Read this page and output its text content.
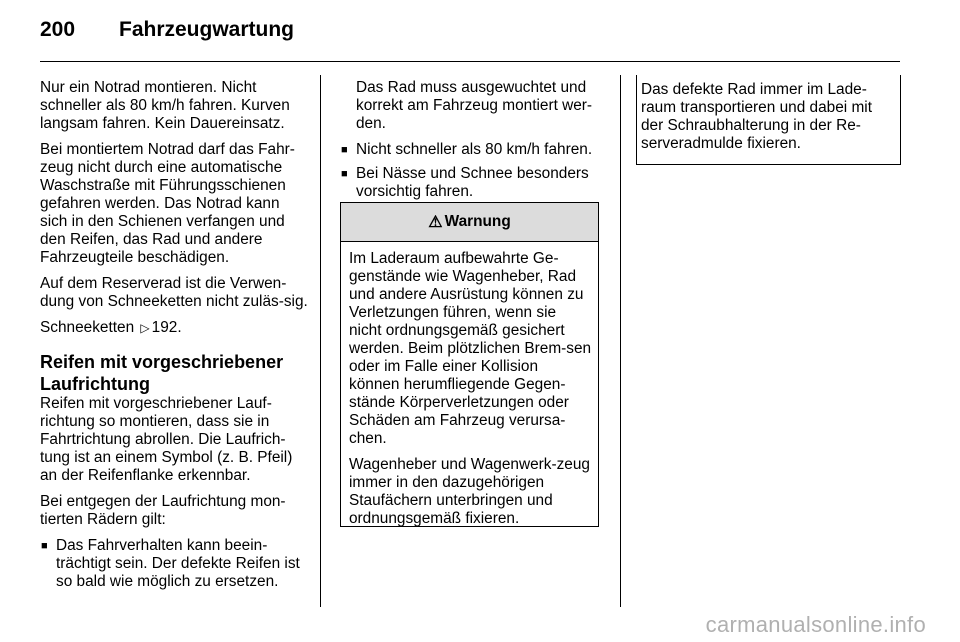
200 Fahrzeugwartung

Nur ein Notrad montieren. Nicht schneller als 80 km/h fahren. Kurven langsam fahren. Kein Dauereinsatz.

Bei montiertem Notrad darf das Fahr-zeug nicht durch eine automatische Waschstraße mit Führungsschienen gefahren werden. Das Notrad kann sich in den Schienen verfangen und den Reifen, das Rad und andere Fahrzeugteile beschädigen.

Auf dem Reserverad ist die Verwen-dung von Schneeketten nicht zuläs-sig.

Schneeketten ▷ 192.

Reifen mit vorgeschriebener Laufrichtung

Reifen mit vorgeschriebener Lauf-richtung so montieren, dass sie in Fahrtrichtung abrollen. Die Laufrich-tung ist an einem Symbol (z. B. Pfeil) an der Reifenflanke erkennbar.

Bei entgegen der Laufrichtung mon-tierten Rädern gilt:

■ Das Fahrverhalten kann beein-trächtigt sein. Der defekte Reifen ist so bald wie möglich zu ersetzen.

Das Rad muss ausgewuchtet und korrekt am Fahrzeug montiert wer-den.

■ Nicht schneller als 80 km/h fahren.
■ Bei Nässe und Schnee besonders vorsichtig fahren.
⚠ Warnung

Im Laderaum aufbewahrte Ge-genstände wie Wagenheber, Rad und andere Ausrüstung können zu Verletzungen führen, wenn sie nicht ordnungsgemäß gesichert werden. Beim plötzlichen Brem-sen oder im Falle einer Kollision können herumfliegende Gegen-stände Körperverletzungen oder Schäden am Fahrzeug verursa-chen.

Wagenheber und Wagenwerk-zeug immer in den dazugehörigen Staufächern unterbringen und ordnungsgemäß fixieren.

Das defekte Rad immer im Lade-raum transportieren und dabei mit der Schraubhalterung in der Re-serveradmulde fixieren.
carmanualsonline.info
